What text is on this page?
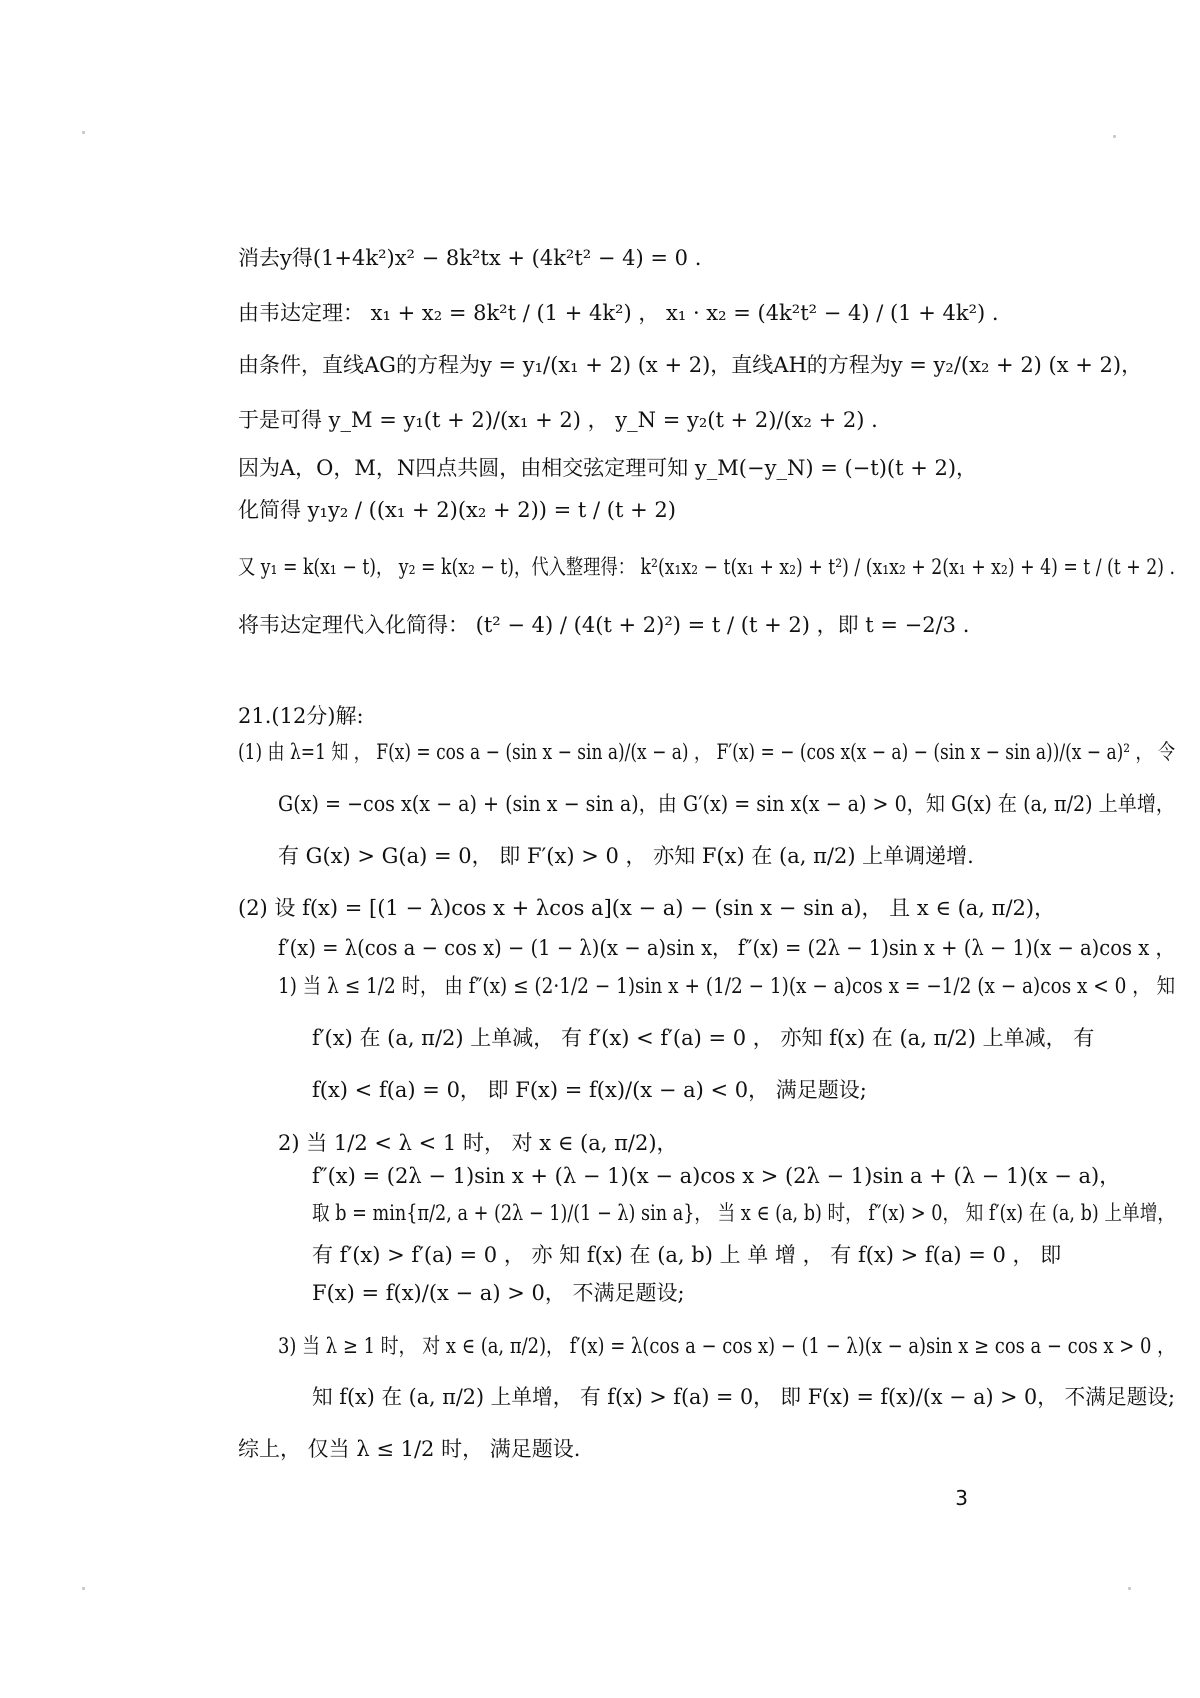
消去y得(1+4k²)x² − 8k²tx + (4k²t² − 4) = 0 .
由韦达定理： x₁ + x₂ = 8k²t / (1 + 4k²) ， x₁ · x₂ = (4k²t² − 4) / (1 + 4k²) .
由条件，直线AG的方程为y = y₁/(x₁ + 2) (x + 2)，直线AH的方程为y = y₂/(x₂ + 2) (x + 2)，
于是可得 y_M = y₁(t + 2)/(x₁ + 2) ， y_N = y₂(t + 2)/(x₂ + 2) .
因为A，O，M，N四点共圆，由相交弦定理可知 y_M(−y_N) = (−t)(t + 2)，
化简得 y₁y₂ / ((x₁ + 2)(x₂ + 2)) = t / (t + 2)
又 y₁ = k(x₁ − t)， y₂ = k(x₂ − t)，代入整理得： k²(x₁x₂ − t(x₁ + x₂) + t²) / (x₁x₂ + 2(x₁ + x₂) + 4) = t / (t + 2) .
将韦达定理代入化简得： (t² − 4) / (4(t + 2)²) = t / (t + 2) ，即 t = −2/3 .
21.(12分)解:
(1) 由 λ=1 知 ， F(x) = cos a − (sin x − sin a)/(x − a) ， F′(x) = − (cos x(x − a) − (sin x − sin a))/(x − a)² ， 令
G(x) = −cos x(x − a) + (sin x − sin a)，由 G′(x) = sin x(x − a) > 0，知 G(x) 在 (a, π/2) 上单增，
有 G(x) > G(a) = 0， 即 F′(x) > 0 ， 亦知 F(x) 在 (a, π/2) 上单调递增.
(2) 设 f(x) = [(1 − λ)cos x + λcos a](x − a) − (sin x − sin a)， 且 x ∈ (a, π/2)，
f′(x) = λ(cos a − cos x) − (1 − λ)(x − a)sin x， f″(x) = (2λ − 1)sin x + (λ − 1)(x − a)cos x ，
1) 当 λ ≤ 1/2 时， 由 f″(x) ≤ (2·1/2 − 1)sin x + (1/2 − 1)(x − a)cos x = −1/2 (x − a)cos x < 0 ， 知
f′(x) 在 (a, π/2) 上单减， 有 f′(x) < f′(a) = 0 ， 亦知 f(x) 在 (a, π/2) 上单减， 有
f(x) < f(a) = 0， 即 F(x) = f(x)/(x − a) < 0， 满足题设;
2) 当 1/2 < λ < 1 时， 对 x ∈ (a, π/2)，
f″(x) = (2λ − 1)sin x + (λ − 1)(x − a)cos x > (2λ − 1)sin a + (λ − 1)(x − a)，
取 b = min{π/2, a + (2λ − 1)/(1 − λ) sin a}， 当 x ∈ (a, b) 时， f″(x) > 0， 知 f′(x) 在 (a, b) 上单增，
有 f′(x) > f′(a) = 0 ， 亦 知 f(x) 在 (a, b) 上 单 增 ， 有 f(x) > f(a) = 0 ， 即
F(x) = f(x)/(x − a) > 0， 不满足题设;
3) 当 λ ≥ 1 时， 对 x ∈ (a, π/2)， f′(x) = λ(cos a − cos x) − (1 − λ)(x − a)sin x ≥ cos a − cos x > 0 ，
知 f(x) 在 (a, π/2) 上单增， 有 f(x) > f(a) = 0， 即 F(x) = f(x)/(x − a) > 0， 不满足题设;
综上， 仅当 λ ≤ 1/2 时， 满足题设.
3
